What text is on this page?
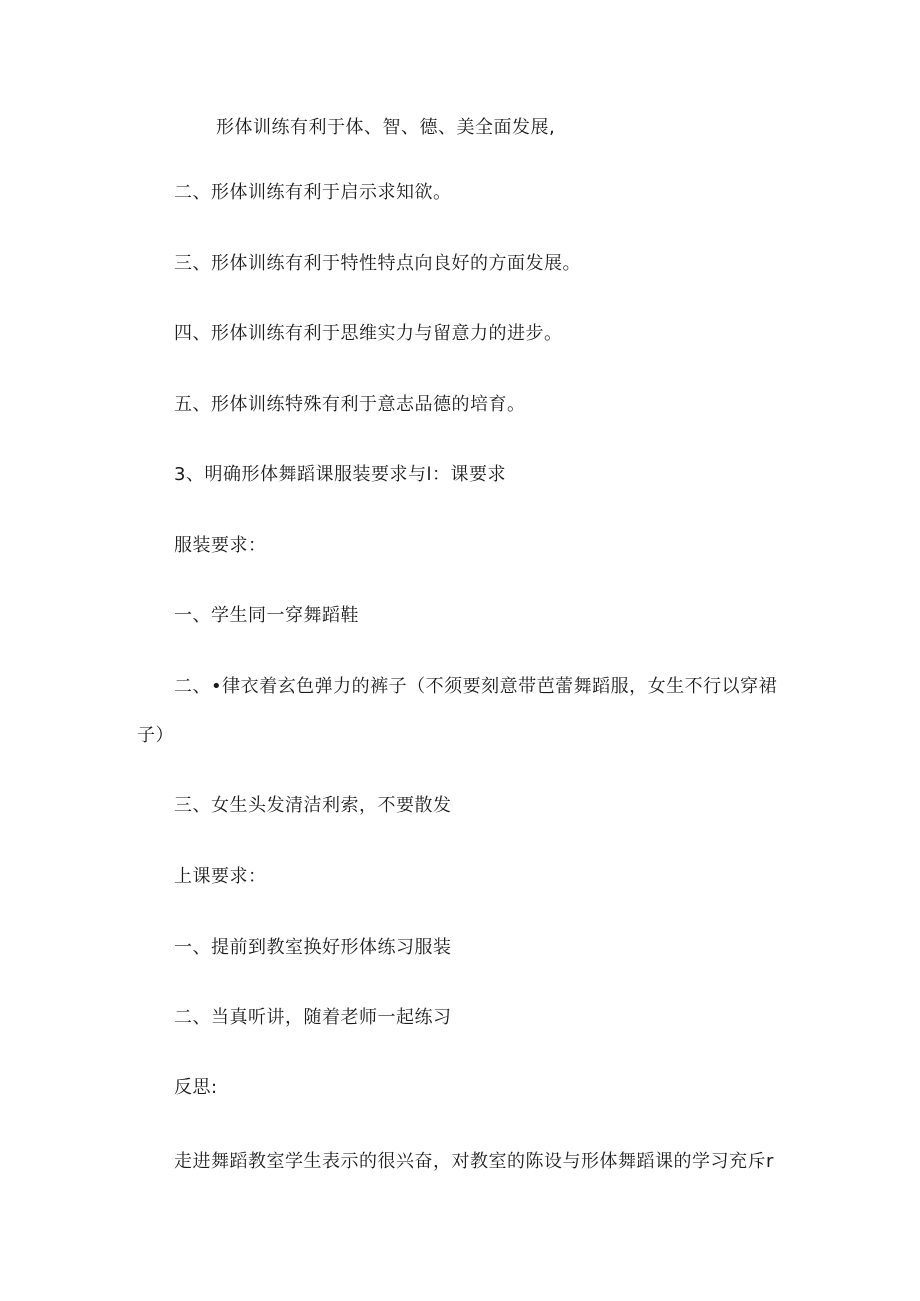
形体训练有利于体、智、德、美全面发展,
二、形体训练有利于启示求知欲。
三、形体训练有利于特性特点向良好的方面发展。
四、形体训练有利于思维实力与留意力的进步。
五、形体训练特殊有利于意志品德的培育。
3、明确形体舞蹈课服装要求与l：课要求
服装要求：
一、学生同一穿舞蹈鞋
二、•律衣着玄色弹力的裤子（不须要刻意带芭蕾舞蹈服，女生不行以穿裙
子）
三、女生头发清洁利索，不要散发
上课要求：
一、提前到教室换好形体练习服装
二、当真听讲，随着老师一起练习
反思:
走进舞蹈教室学生表示的很兴奋，对教室的陈设与形体舞蹈课的学习充斥r
